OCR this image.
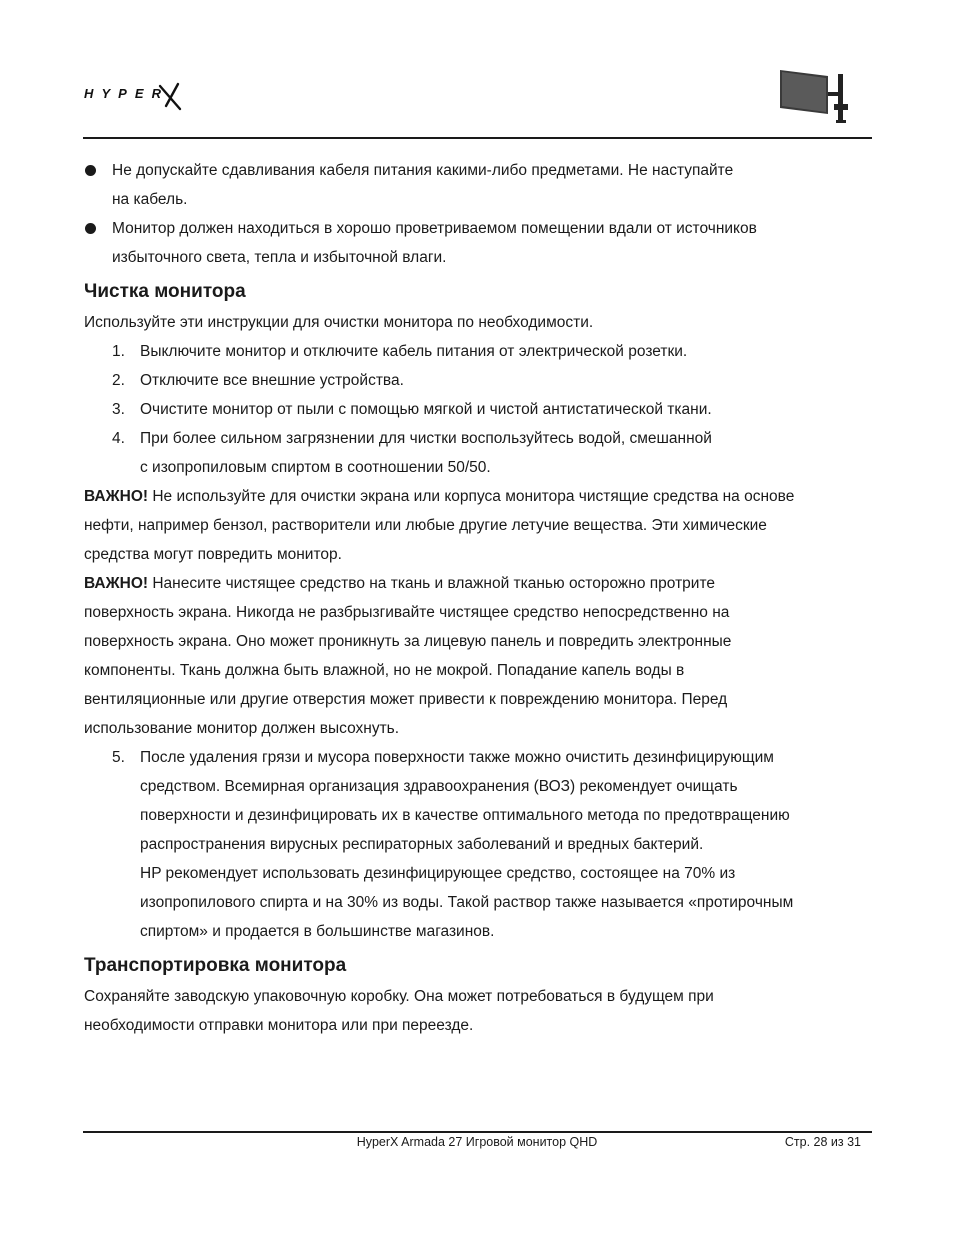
HYPER

Не допускайте сдавливания кабеля питания какими-либо предметами. Не наступайте

на кабель.

Монитор должен находиться в хорошо проветриваемом помещении вдали от источников

избыточного света, тепла и избыточной влаги.

Чистка монитора

Используйте эти инструкции для очистки монитора по необходимости.

1. Выключите монитор и отключите кабель питания от электрической розетки.

2. Отключите все внешние устройства.

3. Очистите монитор от пыли с помощью мягкой и чистой антистатической ткани.

4. При более сильном загрязнении для чистки воспользуйтесь водой, смешанной

с изопропиловым спиртом в соотношении 50/50.

ВАЖНО! Не используйте для очистки экрана или корпуса монитора чистящие средства на основе

нефти, например бензол, растворители или любые другие летучие вещества. Эти химические

средства могут повредить монитор.

ВАЖНО! Нанесите чистящее средство на ткань и влажной тканью осторожно протрите

поверхность экрана. Никогда не разбрызгивайте чистящее средство непосредственно на

поверхность экрана. Оно может проникнуть за лицевую панель и повредить электронные

компоненты. Ткань должна быть влажной, но не мокрой. Попадание капель воды в

вентиляционные или другие отверстия может привести к повреждению монитора. Перед

использование монитор должен высохнуть.

5. После удаления грязи и мусора поверхности также можно очистить дезинфицирующим

средством. Всемирная организация здравоохранения (ВОЗ) рекомендует очищать

поверхности и дезинфицировать их в качестве оптимального метода по предотвращению

распространения вирусных респираторных заболеваний и вредных бактерий.

HP рекомендует использовать дезинфицирующее средство, состоящее на 70% из

изопропилового спирта и на 30% из воды. Такой раствор также называется «протирочным

спиртом» и продается в большинстве магазинов.

Транспортировка монитора

Сохраняйте заводскую упаковочную коробку. Она может потребоваться в будущем при

необходимости отправки монитора или при переезде.

HyperX Armada 27 Игровой монитор QHD	Стр. 28 из 31
